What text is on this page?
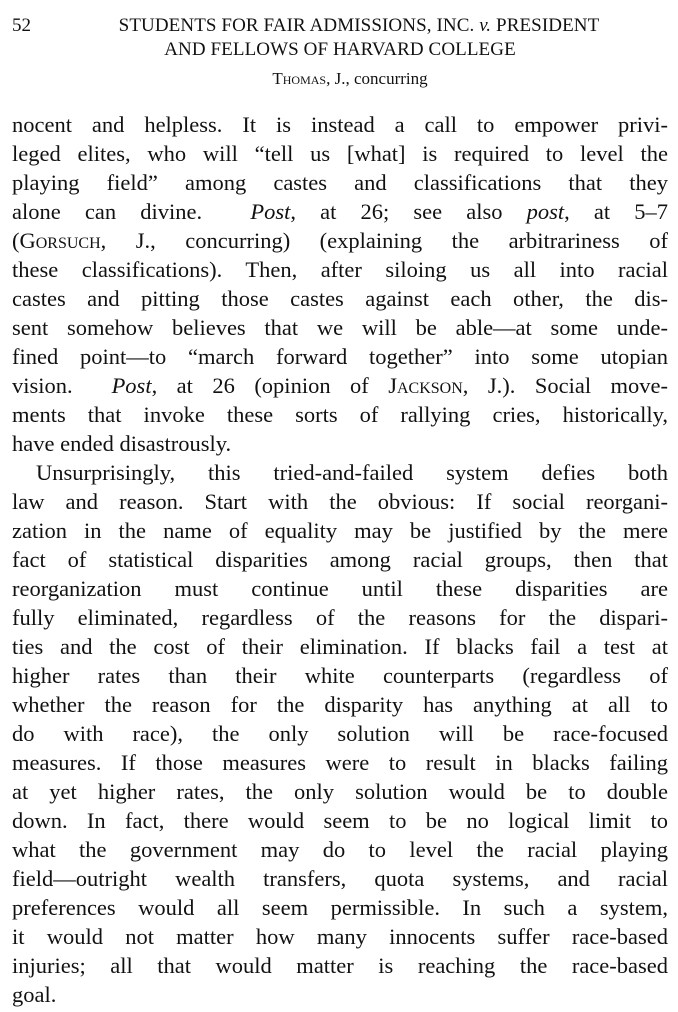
52	STUDENTS FOR FAIR ADMISSIONS, INC. v. PRESIDENT
AND FELLOWS OF HARVARD COLLEGE
Thomas, J., concurring

nocent and helpless. It is instead a call to empower privi-
leged elites, who will “tell us [what] is required to level the
playing field” among castes and classifications that they
alone can divine. Post, at 26; see also post, at 5–7
(Gorsuch, J., concurring) (explaining the arbitrariness of
these classifications). Then, after siloing us all into racial
castes and pitting those castes against each other, the dis-
sent somehow believes that we will be able—at some unde-
fined point—to “march forward together” into some utopian
vision. Post, at 26 (opinion of Jackson, J.). Social move-
ments that invoke these sorts of rallying cries, historically,
have ended disastrously.

Unsurprisingly, this tried-and-failed system defies both
law and reason. Start with the obvious: If social reorgani-
zation in the name of equality may be justified by the mere
fact of statistical disparities among racial groups, then that
reorganization must continue until these disparities are
fully eliminated, regardless of the reasons for the dispari-
ties and the cost of their elimination. If blacks fail a test at
higher rates than their white counterparts (regardless of
whether the reason for the disparity has anything at all to
do with race), the only solution will be race-focused
measures. If those measures were to result in blacks failing
at yet higher rates, the only solution would be to double
down. In fact, there would seem to be no logical limit to
what the government may do to level the racial playing
field—outright wealth transfers, quota systems, and racial
preferences would all seem permissible. In such a system,
it would not matter how many innocents suffer race-based
injuries; all that would matter is reaching the race-based
goal.
